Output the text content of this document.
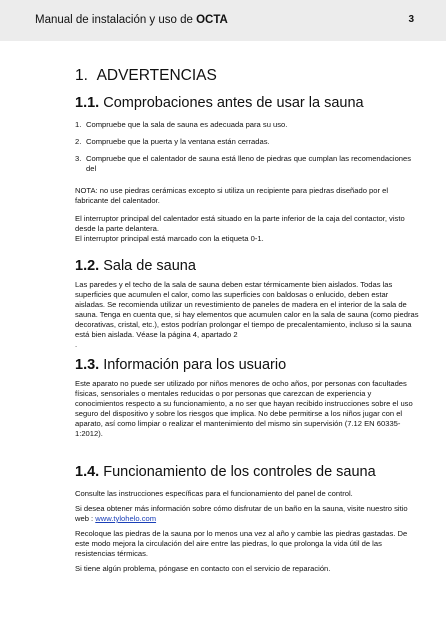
Manual de instalación y uso de OCTA	3
1. ADVERTENCIAS
1.1. Comprobaciones antes de usar la sauna
1. Compruebe que la sala de sauna es adecuada para su uso.
2. Compruebe que la puerta y la ventana están cerradas.
3. Compruebe que el calentador de sauna está lleno de piedras que cumplan las recomendaciones del

NOTA: no use piedras cerámicas excepto si utiliza un recipiente para piedras diseñado por el fabricante del calentador.

El interruptor principal del calentador está situado en la parte inferior de la caja del contactor, visto desde la parte delantera.

El interruptor principal está marcado con la etiqueta 0-1.

1.2. Sala de sauna

Las paredes y el techo de la sala de sauna deben estar térmicamente bien aislados. Todas las superficies que acumulen el calor, como las superficies con baldosas o enlucido, deben estar aisladas. Se recomienda utilizar un revestimiento de paneles de madera en el interior de la sala de sauna. Tenga en cuenta que, si hay elementos que acumulen calor en la sala de sauna (como piedras decorativas, cristal, etc.), estos podrían prolongar el tiempo de precalentamiento, incluso si la sauna está bien aislada. Véase la página 4, apartado 2

.

1.3. Información para los usuario

Este aparato no puede ser utilizado por niños menores de ocho años, por personas con facultades físicas, sensoriales o mentales reducidas o por personas que carezcan de experiencia y conocimientos respecto a su funcionamiento, a no ser que hayan recibido instrucciones sobre el uso seguro del dispositivo y sobre los riesgos que implica. No debe permitirse a los niños jugar con el aparato, así como limpiar o realizar el mantenimiento del mismo sin supervisión (7.12 EN 60335-1:2012).

1.4. Funcionamiento de los controles de sauna

Consulte las instrucciones específicas para el funcionamiento del panel de control.

Si desea obtener más información sobre cómo disfrutar de un baño en la sauna, visite nuestro sitio web : www.tylohelo.com

Recoloque las piedras de la sauna por lo menos una vez al año y cambie las piedras gastadas. De este modo mejora la circulación del aire entre las piedras, lo que prolonga la vida útil de las resistencias térmicas.

Si tiene algún problema, póngase en contacto con el servicio de reparación.
